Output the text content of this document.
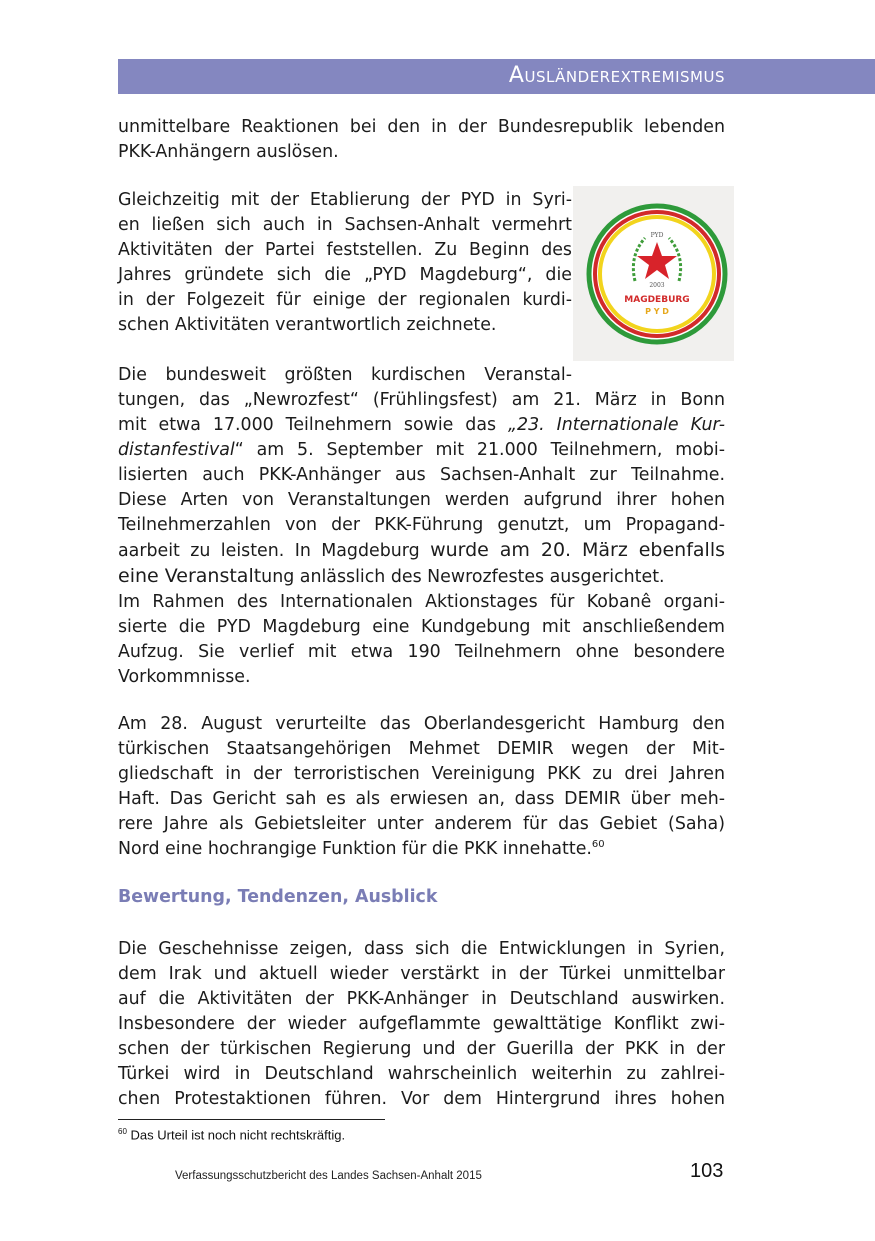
Ausländerextremismus
unmittelbare Reaktionen bei den in der Bundesrepublik lebenden
PKK-Anhängern auslösen.
Gleichzeitig mit der Etablierung der PYD in Syri-
en ließen sich auch in Sachsen-Anhalt vermehrt
Aktivitäten der Partei feststellen. Zu Beginn des
Jahres gründete sich die „PYD Magdeburg“, die
in der Folgezeit für einige der regionalen kurdi-
schen Aktivitäten verantwortlich zeichnete.
PYD
2003
MAGDEBURG
P Y D
Die bundesweit größten kurdischen Veranstal-
tungen, das „Newrozfest“ (Frühlingsfest) am 21. März in Bonn
mit etwa 17.000 Teilnehmern sowie das „23. Internationale Kur-
distanfestival“ am 5. September mit 21.000 Teilnehmern, mobi-
lisierten auch PKK-Anhänger aus Sachsen-Anhalt zur Teilnahme.
Diese Arten von Veranstaltungen werden aufgrund ihrer hohen
Teilnehmerzahlen von der PKK-Führung genutzt, um Propagand-
aarbeit zu leisten. In Magdeburg wurde am 20. März ebenfalls
eine Veranstaltung anlässlich des Newrozfestes ausgerichtet.
Im Rahmen des Internationalen Aktionstages für Kobanê organi-
sierte die PYD Magdeburg eine Kundgebung mit anschließendem
Aufzug. Sie verlief mit etwa 190 Teilnehmern ohne besondere
Vorkommnisse.
Am 28. August verurteilte das Oberlandesgericht Hamburg den
türkischen Staatsangehörigen Mehmet DEMIR wegen der Mit-
gliedschaft in der terroristischen Vereinigung PKK zu drei Jahren
Haft. Das Gericht sah es als erwiesen an, dass DEMIR über meh-
rere Jahre als Gebietsleiter unter anderem für das Gebiet (Saha)
Nord eine hochrangige Funktion für die PKK innehatte.$^{60}$
Bewertung, Tendenzen, Ausblick
Die Geschehnisse zeigen, dass sich die Entwicklungen in Syrien,
dem Irak und aktuell wieder verstärkt in der Türkei unmittelbar
auf die Aktivitäten der PKK-Anhänger in Deutschland auswirken.
Insbesondere der wieder aufgeflammte gewalttätige Konflikt zwi-
schen der türkischen Regierung und der Guerilla der PKK in der
Türkei wird in Deutschland wahrscheinlich weiterhin zu zahlrei-
chen Protestaktionen führen. Vor dem Hintergrund ihres hohen
$^{60}$ Das Urteil ist noch nicht rechtskräftig.
Verfassungsschutzbericht des Landes Sachsen-Anhalt 2015	103
